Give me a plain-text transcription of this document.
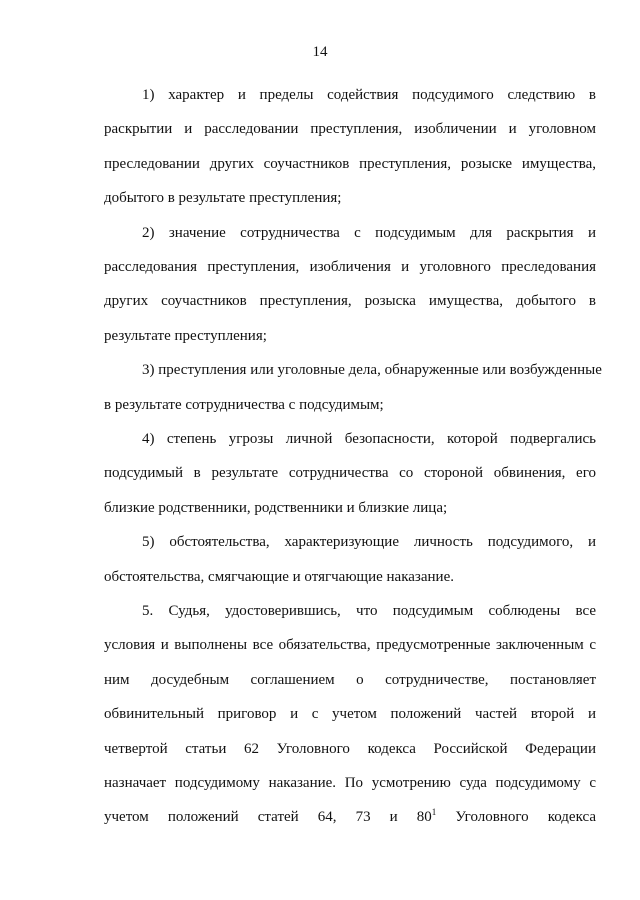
14
1) характер и пределы содействия подсудимого следствию в
раскрытии и расследовании преступления, изобличении и уголовном
преследовании других соучастников преступления, розыске имущества,
добытого в результате преступления;
2) значение сотрудничества с подсудимым для раскрытия и
расследования преступления, изобличения и уголовного преследования
других соучастников преступления, розыска имущества, добытого в
результате преступления;
3) преступления или уголовные дела, обнаруженные или возбужденные
в результате сотрудничества с подсудимым;
4) степень угрозы личной безопасности, которой подвергались
подсудимый в результате сотрудничества со стороной обвинения, его
близкие родственники, родственники и близкие лица;
5) обстоятельства, характеризующие личность подсудимого, и
обстоятельства, смягчающие и отягчающие наказание.
5. Судья, удостоверившись, что подсудимым соблюдены все
условия и выполнены все обязательства, предусмотренные заключенным с
ним досудебным соглашением о сотрудничестве, постановляет
обвинительный приговор и с учетом положений частей второй и
четвертой статьи 62 Уголовного кодекса Российской Федерации
назначает подсудимому наказание. По усмотрению суда подсудимому с
учетом положений статей 64, 73 и $80^1$ Уголовного кодекса
